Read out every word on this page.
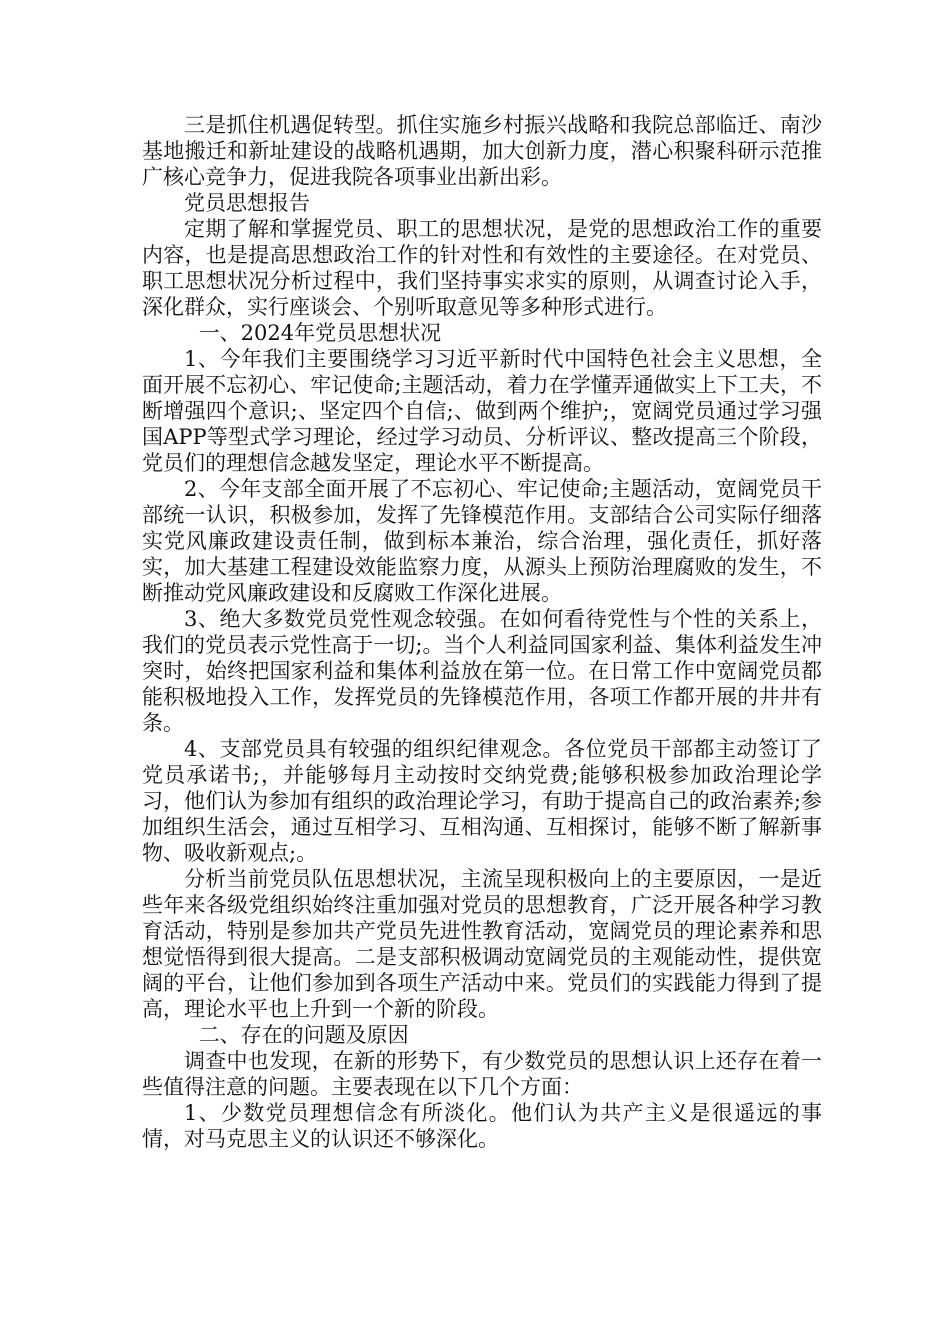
三是抓住机遇促转型。抓住实施乡村振兴战略和我院总部临迁、南沙基地搬迁和新址建设的战略机遇期，加大创新力度，潜心积聚科研示范推广核心竞争力，促进我院各项事业出新出彩。

党员思想报告

定期了解和掌握党员、职工的思想状况，是党的思想政治工作的重要内容，也是提高思想政治工作的针对性和有效性的主要途径。在对党员、职工思想状况分析过程中，我们坚持事实求实的原则，从调查讨论入手，深化群众，实行座谈会、个别听取意见等多种形式进行。

一、2024年党员思想状况

1、今年我们主要围绕学习习近平新时代中国特色社会主义思想，全面开展不忘初心、牢记使命;主题活动，着力在学懂弄通做实上下工夫，不断增强四个意识;、坚定四个自信;、做到两个维护;，宽阔党员通过学习强国APP等型式学习理论，经过学习动员、分析评议、整改提高三个阶段，党员们的理想信念越发坚定，理论水平不断提高。

2、今年支部全面开展了不忘初心、牢记使命;主题活动，宽阔党员干部统一认识，积极参加，发挥了先锋模范作用。支部结合公司实际仔细落实党风廉政建设责任制，做到标本兼治，综合治理，强化责任，抓好落实，加大基建工程建设效能监察力度，从源头上预防治理腐败的发生，不断推动党风廉政建设和反腐败工作深化进展。

3、绝大多数党员党性观念较强。在如何看待党性与个性的关系上，我们的党员表示党性高于一切;。当个人利益同国家利益、集体利益发生冲突时，始终把国家利益和集体利益放在第一位。在日常工作中宽阔党员都能积极地投入工作，发挥党员的先锋模范作用，各项工作都开展的井井有条。

4、支部党员具有较强的组织纪律观念。各位党员干部都主动签订了党员承诺书;，并能够每月主动按时交纳党费;能够积极参加政治理论学习，他们认为参加有组织的政治理论学习，有助于提高自己的政治素养;参加组织生活会，通过互相学习、互相沟通、互相探讨，能够不断了解新事物、吸收新观点;。

分析当前党员队伍思想状况，主流呈现积极向上的主要原因，一是近些年来各级党组织始终注重加强对党员的思想教育，广泛开展各种学习教育活动，特别是参加共产党员先进性教育活动，宽阔党员的理论素养和思想觉悟得到很大提高。二是支部积极调动宽阔党员的主观能动性，提供宽阔的平台，让他们参加到各项生产活动中来。党员们的实践能力得到了提高，理论水平也上升到一个新的阶段。

二、存在的问题及原因

调查中也发现，在新的形势下，有少数党员的思想认识上还存在着一些值得注意的问题。主要表现在以下几个方面：

1、少数党员理想信念有所淡化。他们认为共产主义是很遥远的事情，对马克思主义的认识还不够深化。
